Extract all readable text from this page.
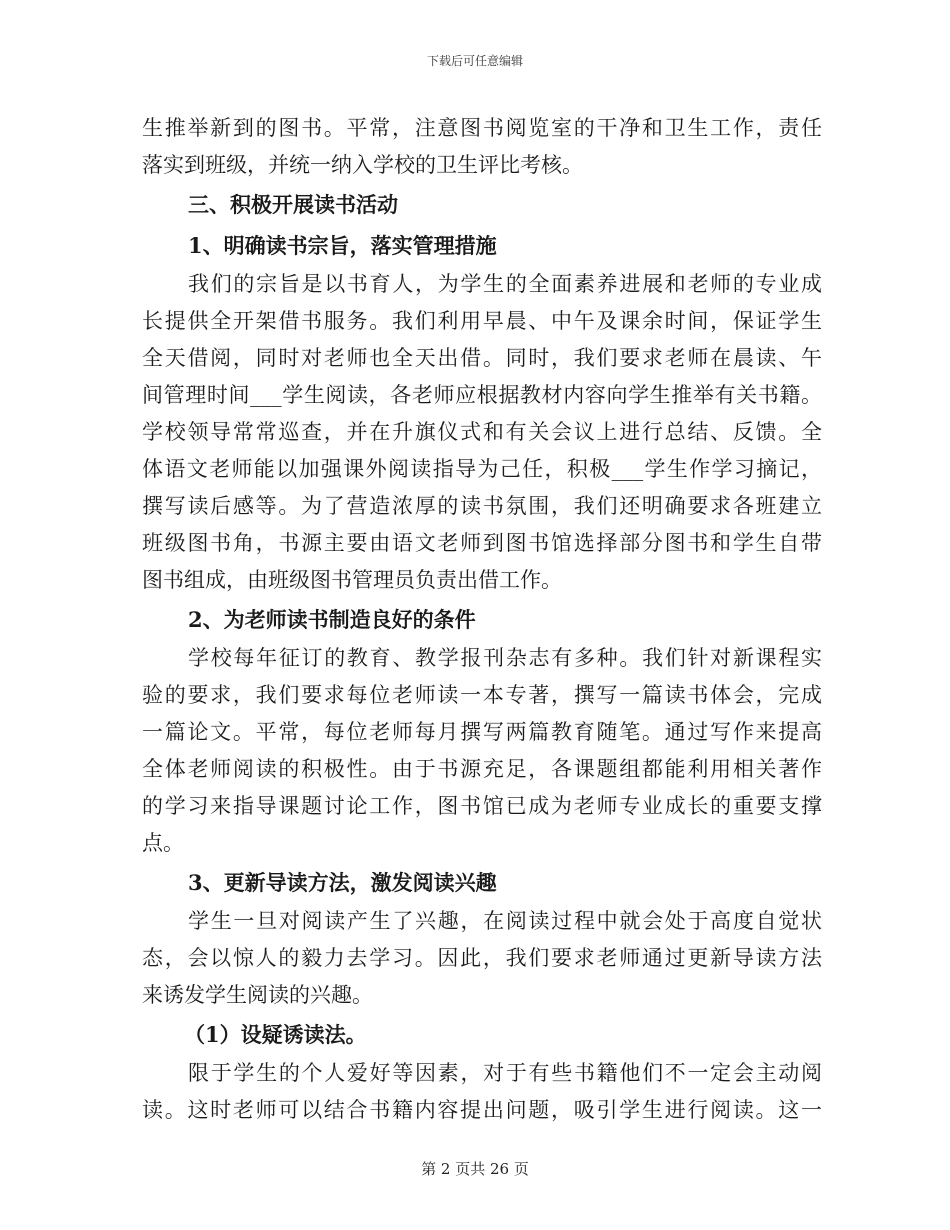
下载后可任意编辑
生推举新到的图书。平常，注意图书阅览室的干净和卫生工作，责任
落实到班级，并统一纳入学校的卫生评比考核。
三、积极开展读书活动
1、明确读书宗旨，落实管理措施
我们的宗旨是以书育人，为学生的全面素养进展和老师的专业成
长提供全开架借书服务。我们利用早晨、中午及课余时间，保证学生
全天借阅，同时对老师也全天出借。同时，我们要求老师在晨读、午
间管理时间___学生阅读，各老师应根据教材内容向学生推举有关书籍。
学校领导常常巡查，并在升旗仪式和有关会议上进行总结、反馈。全
体语文老师能以加强课外阅读指导为己任，积极___学生作学习摘记，
撰写读后感等。为了营造浓厚的读书氛围，我们还明确要求各班建立
班级图书角，书源主要由语文老师到图书馆选择部分图书和学生自带
图书组成，由班级图书管理员负责出借工作。
2、为老师读书制造良好的条件
学校每年征订的教育、教学报刊杂志有多种。我们针对新课程实
验的要求，我们要求每位老师读一本专著，撰写一篇读书体会，完成
一篇论文。平常，每位老师每月撰写两篇教育随笔。通过写作来提高
全体老师阅读的积极性。由于书源充足，各课题组都能利用相关著作
的学习来指导课题讨论工作，图书馆已成为老师专业成长的重要支撑
点。
3、更新导读方法，激发阅读兴趣
学生一旦对阅读产生了兴趣，在阅读过程中就会处于高度自觉状
态，会以惊人的毅力去学习。因此，我们要求老师通过更新导读方法
来诱发学生阅读的兴趣。
（1）设疑诱读法。
限于学生的个人爱好等因素，对于有些书籍他们不一定会主动阅
读。这时老师可以结合书籍内容提出问题，吸引学生进行阅读。这一
第 2 页共 26 页
